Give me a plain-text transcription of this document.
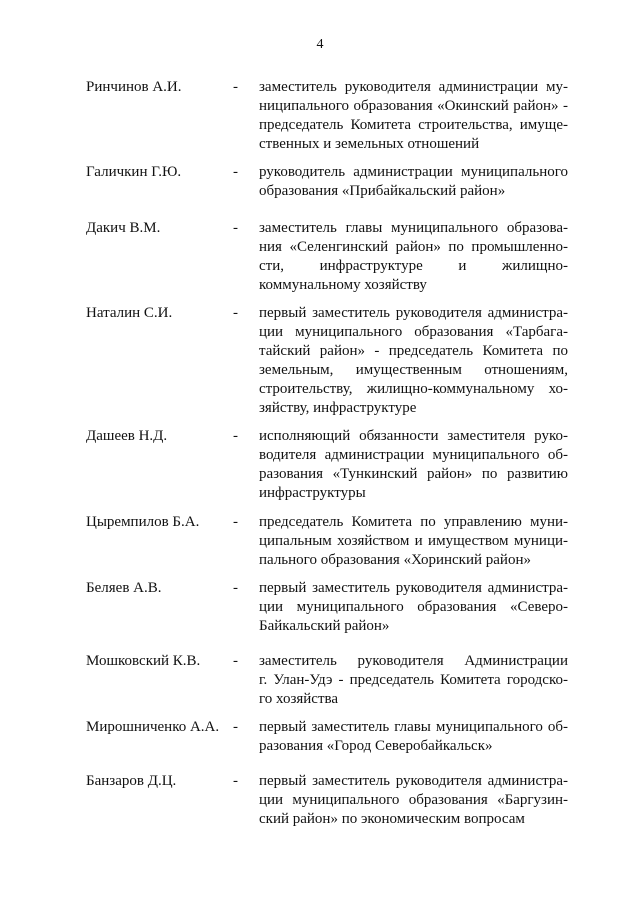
4
Ринчинов А.И.	- заместитель руководителя администрации му-
ниципального образования «Окинский район» -
председатель Комитета строительства, имуще-
ственных и земельных отношений
Галичкин Г.Ю.	- руководитель администрации муниципального
образования «Прибайкальский район»
Дакич В.М.	- заместитель главы муниципального образова-
ния «Селенгинский район» по промышленно-
сти, инфраструктуре и жилищно-
коммунальному хозяйству
Наталин С.И.	- первый заместитель руководителя администра-
ции муниципального образования «Тарбага-
тайский район» - председатель Комитета по
земельным, имущественным отношениям,
строительству, жилищно-коммунальному хо-
зяйству, инфраструктуре
Дашеев Н.Д.	- исполняющий обязанности заместителя руко-
водителя администрации муниципального об-
разования «Тункинский район» по развитию
инфраструктуры
Цыремпилов Б.А. - председатель Комитета по управлению муни-
ципальным хозяйством и имуществом муници-
пального образования «Хоринский район»
Беляев А.В.	- первый заместитель руководителя администра-
ции муниципального образования «Северо-
Байкальский район»
Мошковский К.В. - заместитель руководителя Администрации
г. Улан-Удэ - председатель Комитета городско-
го хозяйства
Мирошниченко А.А. - первый заместитель главы муниципального об-
разования «Город Северобайкальск»
Банзаров Д.Ц.	- первый заместитель руководителя администра-
ции муниципального образования «Баргузин-
ский район» по экономическим вопросам
